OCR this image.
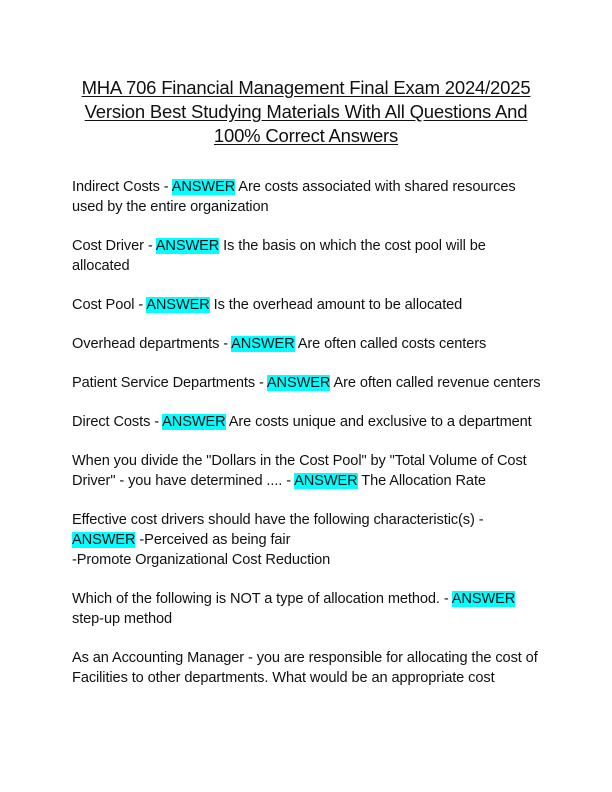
MHA 706 Financial Management Final Exam 2024/2025 Version Best Studying Materials With All Questions And 100% Correct Answers
Indirect Costs - ANSWER Are costs associated with shared resources used by the entire organization
Cost Driver - ANSWER Is the basis on which the cost pool will be allocated
Cost Pool - ANSWER Is the overhead amount to be allocated
Overhead departments - ANSWER Are often called costs centers
Patient Service Departments - ANSWER Are often called revenue centers
Direct Costs - ANSWER Are costs unique and exclusive to a department
When you divide the "Dollars in the Cost Pool" by "Total Volume of Cost Driver" - you have determined .... - ANSWER The Allocation Rate
Effective cost drivers should have the following characteristic(s) - ANSWER -Perceived as being fair
-Promote Organizational Cost Reduction
Which of the following is NOT a type of allocation method. - ANSWER step-up method
As an Accounting Manager - you are responsible for allocating the cost of Facilities to other departments. What would be an appropriate cost
